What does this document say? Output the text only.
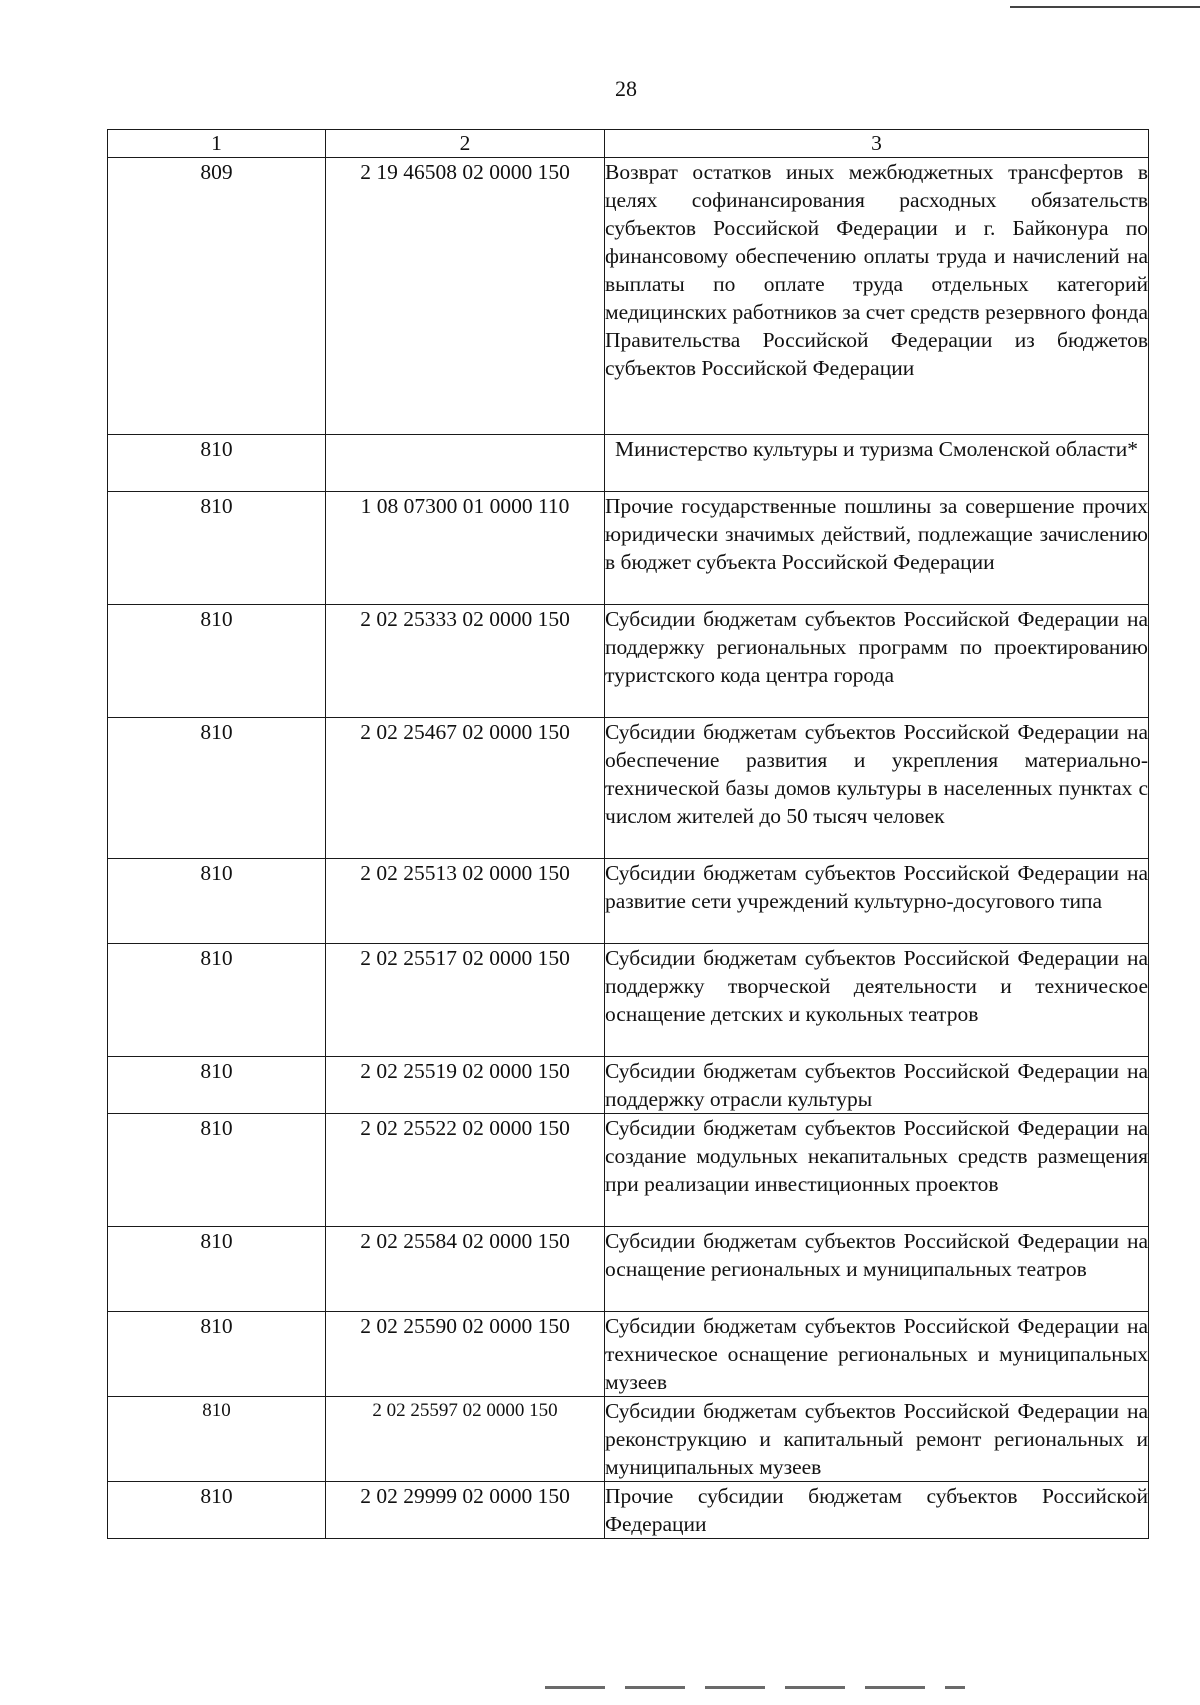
28
1	2	3
809	2 19 46508 02 0000 150	Возврат остатков иных межбюджетных трансфертов в целях софинансирования расходных обязательств субъектов Российской Федерации и г. Байконура по финансовому обеспечению оплаты труда и начислений на выплаты по оплате труда отдельных категорий медицинских работников за счет средств резервного фонда Правительства Российской Федерации из бюджетов субъектов Российской Федерации
810		Министерство культуры и туризма Смоленской области*
810	1 08 07300 01 0000 110	Прочие государственные пошлины за совершение прочих юридически значимых действий, подлежащие зачислению в бюджет субъекта Российской Федерации
810	2 02 25333 02 0000 150	Субсидии бюджетам субъектов Российской Федерации на поддержку региональных программ по проектированию туристского кода центра города
810	2 02 25467 02 0000 150	Субсидии бюджетам субъектов Российской Федерации на обеспечение развития и укрепления материально-технической базы домов культуры в населенных пунктах с числом жителей до 50 тысяч человек
810	2 02 25513 02 0000 150	Субсидии бюджетам субъектов Российской Федерации на развитие сети учреждений культурно-досугового типа
810	2 02 25517 02 0000 150	Субсидии бюджетам субъектов Российской Федерации на поддержку творческой деятельности и техническое оснащение детских и кукольных театров
810	2 02 25519 02 0000 150	Субсидии бюджетам субъектов Российской Федерации на поддержку отрасли культуры
810	2 02 25522 02 0000 150	Субсидии бюджетам субъектов Российской Федерации на создание модульных некапитальных средств размещения при реализации инвестиционных проектов
810	2 02 25584 02 0000 150	Субсидии бюджетам субъектов Российской Федерации на оснащение региональных и муниципальных театров
810	2 02 25590 02 0000 150	Субсидии бюджетам субъектов Российской Федерации на техническое оснащение региональных и муниципальных музеев
810	2 02 25597 02 0000 150	Субсидии бюджетам субъектов Российской Федерации на реконструкцию и капитальный ремонт региональных и муниципальных музеев
810	2 02 29999 02 0000 150	Прочие субсидии бюджетам субъектов Российской Федерации
